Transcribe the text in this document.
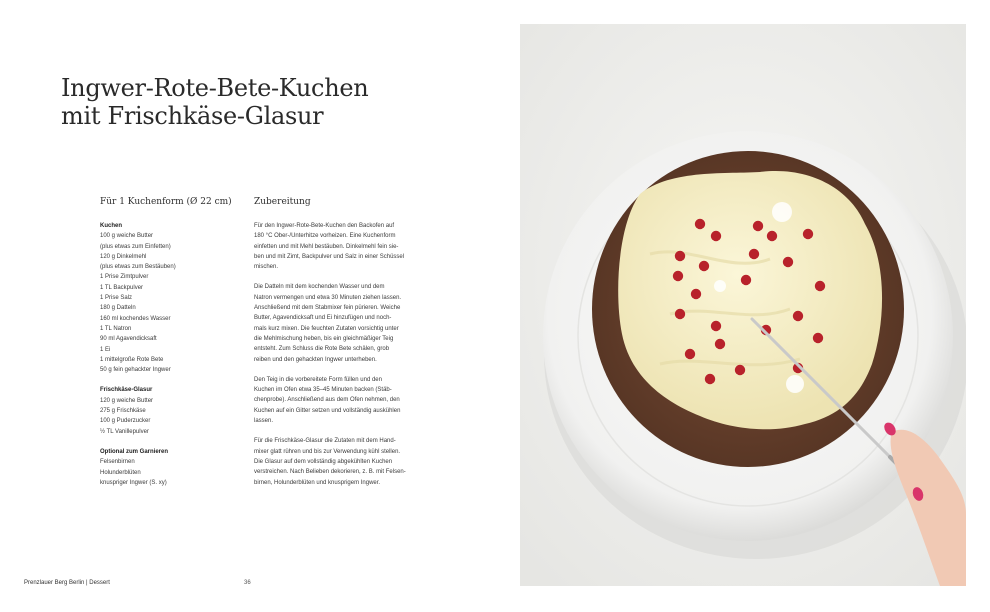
Ingwer-Rote-Bete-Kuchen
mit Frischkäse-Glasur
Für 1 Kuchenform (Ø 22 cm)
Kuchen
100 g weiche Butter
(plus etwas zum Einfetten)
120 g Dinkelmehl
(plus etwas zum Bestäuben)
1 Prise Zimtpulver
1 TL Backpulver
1 Prise Salz
180 g Datteln
160 ml kochendes Wasser
1 TL Natron
90 ml Agavendicksaft
1 Ei
1 mittelgroße Rote Bete
50 g fein gehackter Ingwer
Frischkäse-Glasur
120 g weiche Butter
275 g Frischkäse
100 g Puderzucker
½ TL Vanillepulver
Optional zum Garnieren
Felsenbirnen
Holunderblüten
knuspriger Ingwer (S. xy)
Zubereitung
Für den Ingwer-Rote-Bete-Kuchen den Backofen auf
180 °C Ober-/Unterhitze vorheizen. Eine Kuchenform
einfetten und mit Mehl bestäuben. Dinkelmehl fein sie-
ben und mit Zimt, Backpulver und Salz in einer Schüssel
mischen.
Die Datteln mit dem kochenden Wasser und dem
Natron vermengen und etwa 30 Minuten ziehen lassen.
Anschließend mit dem Stabmixer fein pürieren. Weiche
Butter, Agavendicksaft und Ei hinzufügen und noch-
mals kurz mixen. Die feuchten Zutaten vorsichtig unter
die Mehlmischung heben, bis ein gleichmäßiger Teig
entsteht. Zum Schluss die Rote Bete schälen, grob
reiben und den gehackten Ingwer unterheben.
Den Teig in die vorbereitete Form füllen und den
Kuchen im Ofen etwa 35–45 Minuten backen (Stäb-
chenprobe). Anschließend aus dem Ofen nehmen, den
Kuchen auf ein Gitter setzen und vollständig auskühlen
lassen.
Für die Frischkäse-Glasur die Zutaten mit dem Hand-
mixer glatt rühren und bis zur Verwendung kühl stellen.
Die Glasur auf dem vollständig abgekühlten Kuchen
verstreichen. Nach Belieben dekorieren, z. B. mit Felsen-
birnen, Holunderblüten und knusprigem Ingwer.
Prenzlauer Berg Berlin | Dessert	36
